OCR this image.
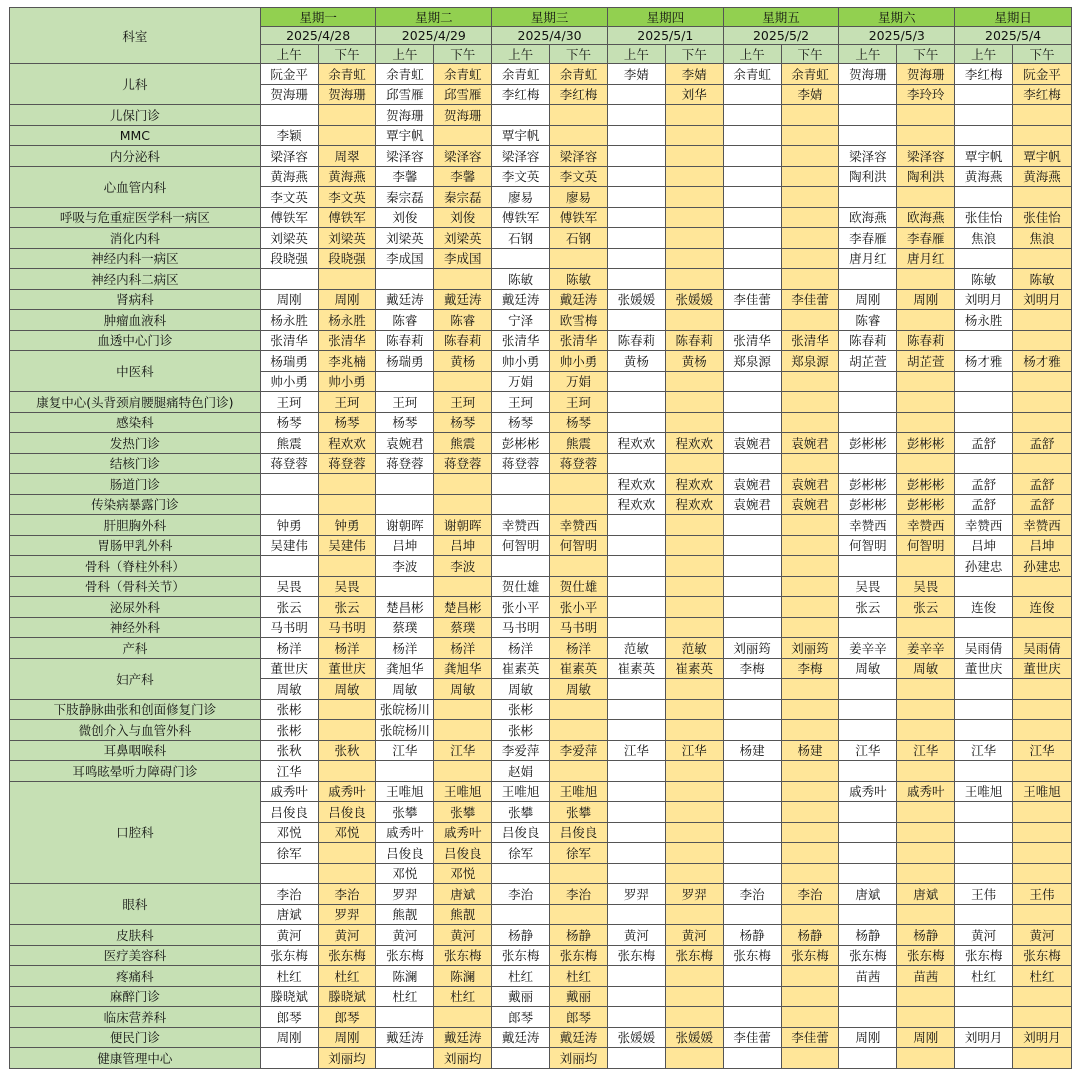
科室	星期一		星期二		星期三		星期四		星期五		星期六		星期日	
	2025/4/28		2025/4/29		2025/4/30		2025/5/1		2025/5/2		2025/5/3		2025/5/4	
	上午	下午	上午	下午	上午	下午	上午	下午	上午	下午	上午	下午	上午	下午
儿科	阮金平	余青虹	余青虹	余青虹	余青虹	余青虹	李婧	李婧	余青虹	余青虹	贺海珊	贺海珊	李红梅	阮金平
	贺海珊	贺海珊	邱雪雁	邱雪雁	李红梅	李红梅		刘华		李婧		李玲玲		李红梅
儿保门诊			贺海珊	贺海珊										
MMC	李颖		覃宇帆		覃宇帆									
内分泌科	梁泽容	周翠	梁泽容	梁泽容	梁泽容	梁泽容					梁泽容	梁泽容	覃宇帆	覃宇帆
心血管内科	黄海燕	黄海燕	李馨	李馨	李文英	李文英					陶利洪	陶利洪	黄海燕	黄海燕
	李文英	李文英	秦宗磊	秦宗磊	廖易	廖易								
呼吸与危重症医学科一病区	傅铁军	傅铁军	刘俊	刘俊	傅铁军	傅铁军					欧海燕	欧海燕	张佳怡	张佳怡
消化内科	刘梁英	刘梁英	刘梁英	刘梁英	石钢	石钢					李春雁	李春雁	焦浪	焦浪
神经内科一病区	段晓强	段晓强	李成国	李成国							唐月红	唐月红		
神经内科二病区					陈敏	陈敏							陈敏	陈敏
肾病科	周刚	周刚	戴廷涛	戴廷涛	戴廷涛	戴廷涛	张媛媛	张媛媛	李佳蕾	李佳蕾	周刚	周刚	刘明月	刘明月
肿瘤血液科	杨永胜	杨永胜	陈睿	陈睿	宁泽	欧雪梅					陈睿		杨永胜	
血透中心门诊	张清华	张清华	陈春莉	陈春莉	张清华	张清华	陈春莉	陈春莉	张清华	张清华	陈春莉	陈春莉		
中医科	杨瑞勇	李兆楠	杨瑞勇	黄杨	帅小勇	帅小勇	黄杨	黄杨	郑泉源	郑泉源	胡芷萱	胡芷萱	杨才雅	杨才雅
	帅小勇	帅小勇			万娟	万娟								
康复中心(头背颈肩腰腿痛特色门诊)	王珂	王珂	王珂	王珂	王珂	王珂								
感染科	杨琴	杨琴	杨琴	杨琴	杨琴	杨琴								
发热门诊	熊震	程欢欢	袁婉君	熊震	彭彬彬	熊震	程欢欢	程欢欢	袁婉君	袁婉君	彭彬彬	彭彬彬	孟舒	孟舒
结核门诊	蒋登蓉	蒋登蓉	蒋登蓉	蒋登蓉	蒋登蓉	蒋登蓉								
肠道门诊							程欢欢	程欢欢	袁婉君	袁婉君	彭彬彬	彭彬彬	孟舒	孟舒
传染病暴露门诊							程欢欢	程欢欢	袁婉君	袁婉君	彭彬彬	彭彬彬	孟舒	孟舒
肝胆胸外科	钟勇	钟勇	谢朝晖	谢朝晖	幸赞西	幸赞西					幸赞西	幸赞西	幸赞西	幸赞西
胃肠甲乳外科	吴建伟	吴建伟	吕坤	吕坤	何智明	何智明					何智明	何智明	吕坤	吕坤
骨科（脊柱外科）			李波	李波									孙建忠	孙建忠
骨科（骨科关节）	吴畏	吴畏			贺仕雄	贺仕雄					吴畏	吴畏		
泌尿外科	张云	张云	楚昌彬	楚昌彬	张小平	张小平					张云	张云	连俊	连俊
神经外科	马书明	马书明	蔡璞	蔡璞	马书明	马书明								
产科	杨洋	杨洋	杨洋	杨洋	杨洋	杨洋	范敏	范敏	刘丽筠	刘丽筠	姜辛辛	姜辛辛	吴雨倩	吴雨倩
妇产科	董世庆	董世庆	龚旭华	龚旭华	崔素英	崔素英	崔素英	崔素英	李梅	李梅	周敏	周敏	董世庆	董世庆
	周敏	周敏	周敏	周敏	周敏	周敏								
下肢静脉曲张和创面修复门诊	张彬		张皖杨川		张彬									
微创介入与血管外科	张彬		张皖杨川		张彬									
耳鼻咽喉科	张秋	张秋	江华	江华	李爱萍	李爱萍	江华	江华	杨建	杨建	江华	江华	江华	江华
耳鸣眩晕听力障碍门诊	江华				赵娟									
口腔科	戚秀叶	戚秀叶	王唯旭	王唯旭	王唯旭	王唯旭					戚秀叶	戚秀叶	王唯旭	王唯旭
	吕俊良	吕俊良	张攀	张攀	张攀	张攀								
	邓悦	邓悦	戚秀叶	戚秀叶	吕俊良	吕俊良								
	徐军		吕俊良	吕俊良	徐军	徐军								
			邓悦	邓悦										
眼科	李治	李治	罗羿	唐斌	李治	李治	罗羿	罗羿	李治	李治	唐斌	唐斌	王伟	王伟
	唐斌	罗羿	熊靓	熊靓										
皮肤科	黄河	黄河	黄河	黄河	杨静	杨静	黄河	黄河	杨静	杨静	杨静	杨静	黄河	黄河
医疗美容科	张东梅	张东梅	张东梅	张东梅	张东梅	张东梅	张东梅	张东梅	张东梅	张东梅	张东梅	张东梅	张东梅	张东梅
疼痛科	杜红	杜红	陈澜	陈澜	杜红	杜红					苗茜	苗茜	杜红	杜红
麻醉门诊	滕晓斌	滕晓斌	杜红	杜红	戴丽	戴丽								
临床营养科	郎琴	郎琴			郎琴	郎琴								
便民门诊	周刚	周刚	戴廷涛	戴廷涛	戴廷涛	戴廷涛	张媛媛	张媛媛	李佳蕾	李佳蕾	周刚	周刚	刘明月	刘明月
健康管理中心		刘丽均		刘丽均		刘丽均								
